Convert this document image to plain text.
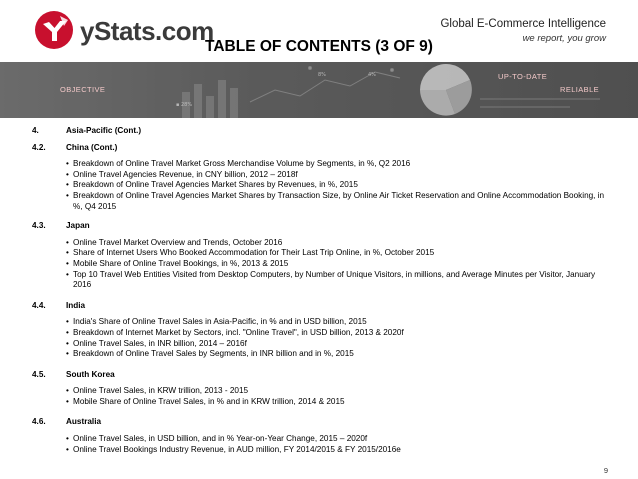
yStats.com	Global E-Commerce Intelligence
we report, you grow
TABLE OF CONTENTS (3 OF 9)
8%	4%
▪ 28%
OBJECTIVE
UP-TO-DATE
RELIABLE
4.	Asia-Pacific (Cont.)
4.2.	China (Cont.)
• Breakdown of Online Travel Market Gross Merchandise Volume by Segments, in %, Q2 2016
• Online Travel Agencies Revenue, in CNY billion, 2012 – 2018f
• Breakdown of Online Travel Agencies Market Shares by Revenues, in %, 2015
• Breakdown of Online Travel Agencies Market Shares by Transaction Size, by Online Air Ticket Reservation and Online Accommodation Booking, in %, Q4 2015
4.3.	Japan
• Online Travel Market Overview and Trends, October 2016
• Share of Internet Users Who Booked Accommodation for Their Last Trip Online, in %, October 2015
• Mobile Share of Online Travel Bookings, in %, 2013 & 2015
• Top 10 Travel Web Entities Visited from Desktop Computers, by Number of Unique Visitors, in millions, and Average Minutes per Visitor, January 2016
4.4.	India
• India's Share of Online Travel Sales in Asia-Pacific, in % and in USD billion, 2015
• Breakdown of Internet Market by Sectors, incl. "Online Travel", in USD billion, 2013 & 2020f
• Online Travel Sales, in INR billion, 2014 – 2016f
• Breakdown of Online Travel Sales by Segments, in INR billion and in %, 2015
4.5.	South Korea
• Online Travel Sales, in KRW trillion, 2013 - 2015
• Mobile Share of Online Travel Sales, in % and in KRW trillion, 2014 & 2015
4.6.	Australia
• Online Travel Sales, in USD billion, and in % Year-on-Year Change, 2015 – 2020f
• Online Travel Bookings Industry Revenue, in AUD million, FY 2014/2015 & FY 2015/2016e
9
